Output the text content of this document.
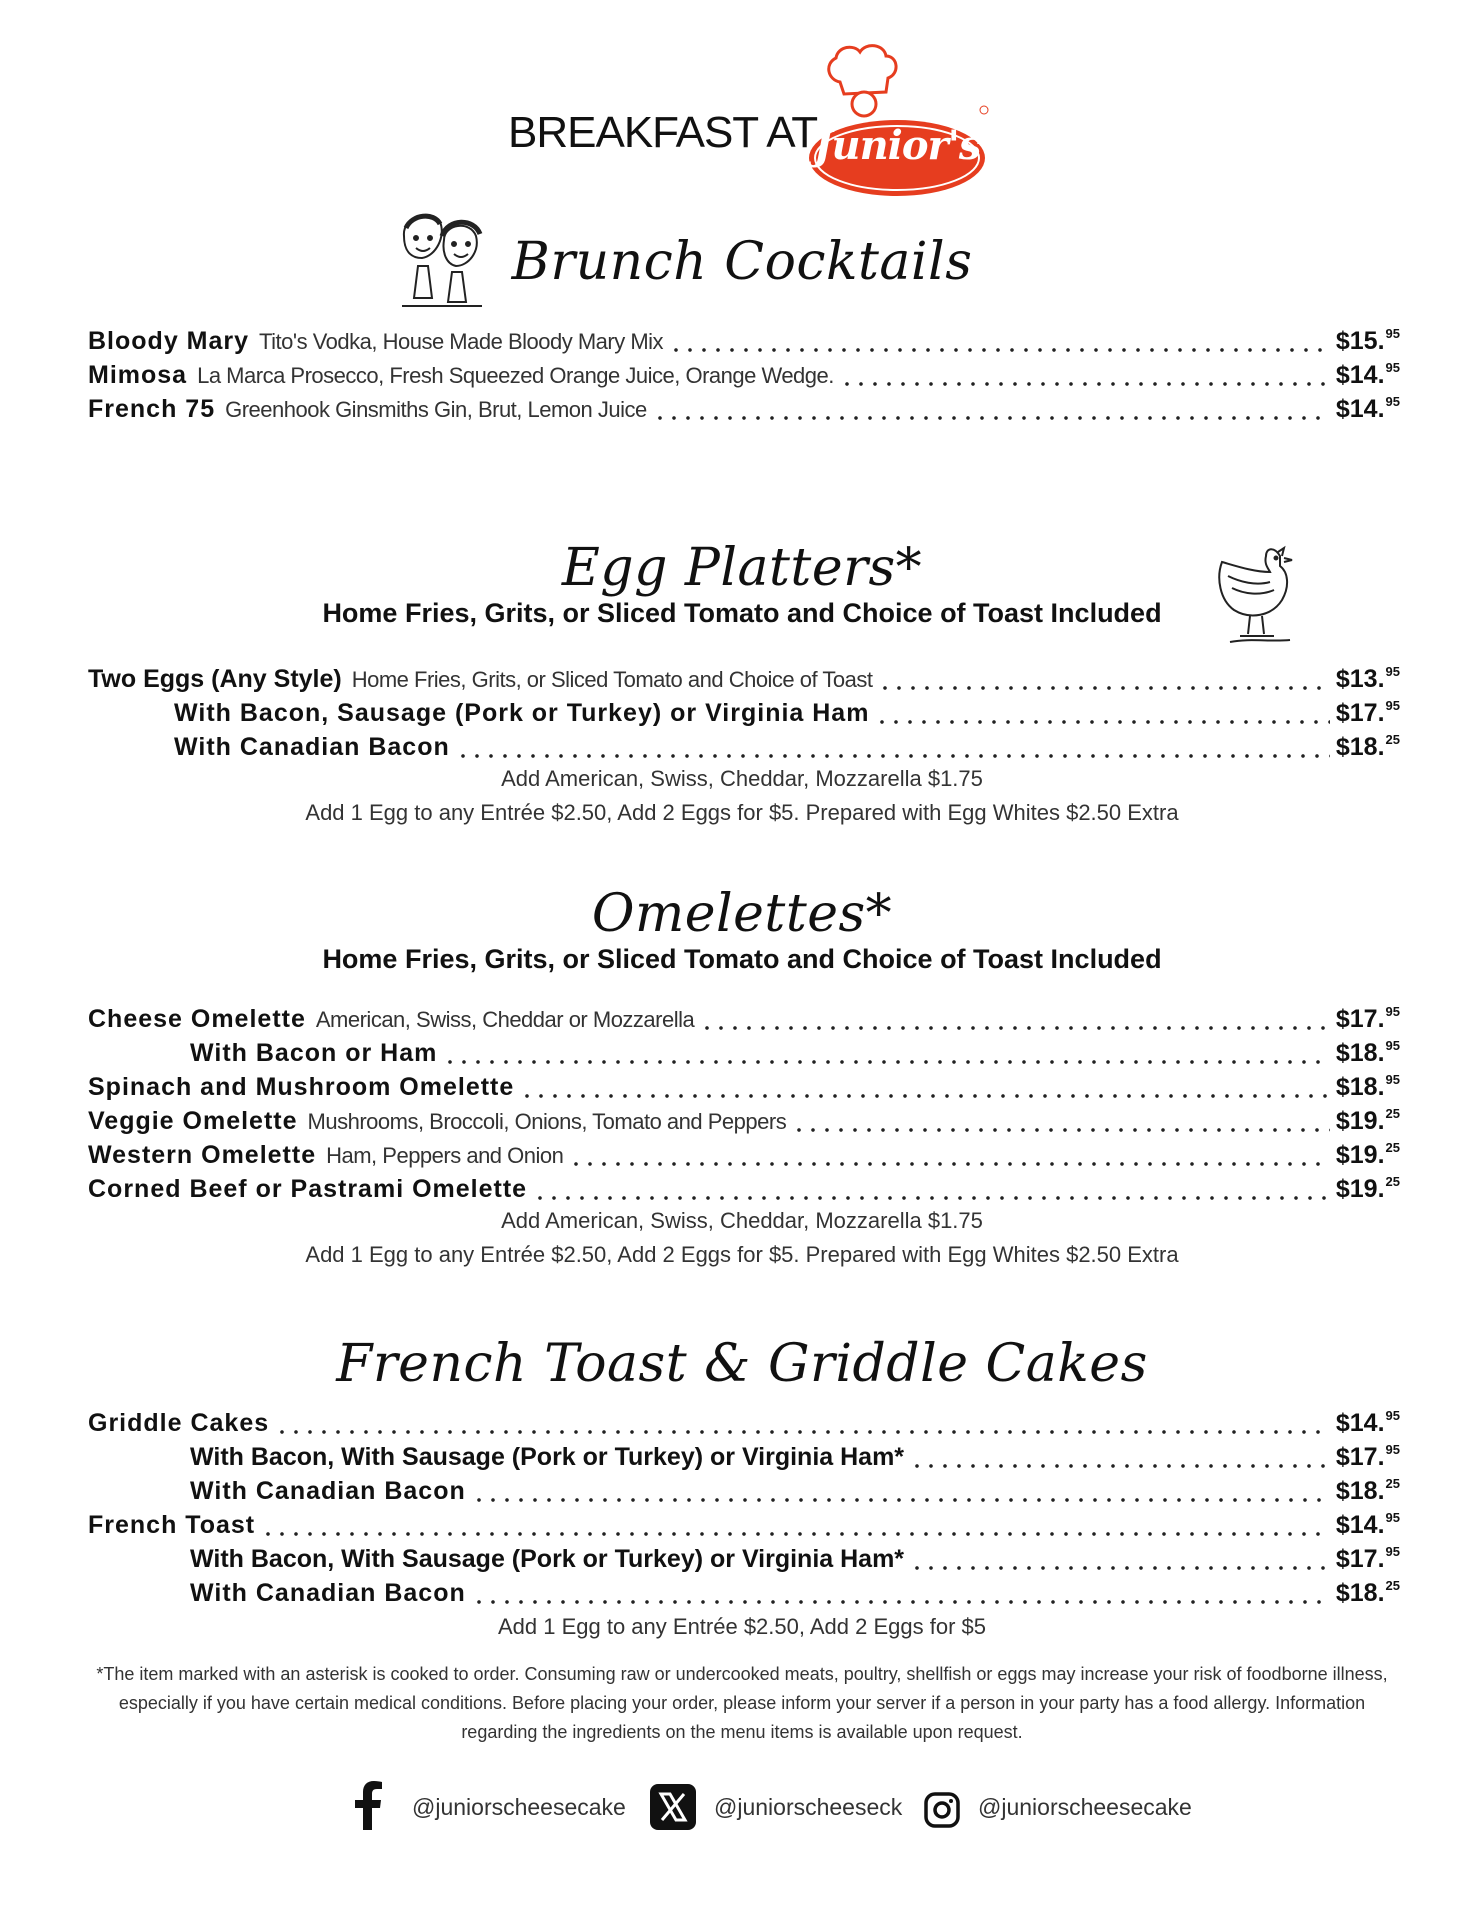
BREAKFAST AT
Junior's
Brunch Cocktails
Bloody Mary Tito's Vodka, House Made Bloody Mary Mix	$15.95
Mimosa La Marca Prosecco, Fresh Squeezed Orange Juice, Orange Wedge.	$14.95
French 75 Greenhook Ginsmiths Gin, Brut, Lemon Juice	$14.95
Egg Platters*
Home Fries, Grits, or Sliced Tomato and Choice of Toast Included
Two Eggs (Any Style) Home Fries, Grits, or Sliced Tomato and Choice of Toast	$13.95
With Bacon, Sausage (Pork or Turkey) or Virginia Ham	$17.95
With Canadian Bacon	$18.25
Add American, Swiss, Cheddar, Mozzarella $1.75
Add 1 Egg to any Entrée $2.50, Add 2 Eggs for $5. Prepared with Egg Whites $2.50 Extra
Omelettes*
Home Fries, Grits, or Sliced Tomato and Choice of Toast Included
Cheese Omelette American, Swiss, Cheddar or Mozzarella	$17.95
With Bacon or Ham	$18.95
Spinach and Mushroom Omelette	$18.95
Veggie Omelette Mushrooms, Broccoli, Onions, Tomato and Peppers	$19.25
Western Omelette Ham, Peppers and Onion	$19.25
Corned Beef or Pastrami Omelette	$19.25
Add American, Swiss, Cheddar, Mozzarella $1.75
Add 1 Egg to any Entrée $2.50, Add 2 Eggs for $5. Prepared with Egg Whites $2.50 Extra
French Toast & Griddle Cakes
Griddle Cakes	$14.95
With Bacon, With Sausage (Pork or Turkey) or Virginia Ham*	$17.95
With Canadian Bacon	$18.25
French Toast	$14.95
With Bacon, With Sausage (Pork or Turkey) or Virginia Ham*	$17.95
With Canadian Bacon	$18.25
Add 1 Egg to any Entrée $2.50, Add 2 Eggs for $5
*The item marked with an asterisk is cooked to order. Consuming raw or undercooked meats, poultry, shellfish or eggs may increase your risk of foodborne illness, especially if you have certain medical conditions. Before placing your order, please inform your server if a person in your party has a food allergy. Information regarding the ingredients on the menu items is available upon request.
@juniorscheesecake	@juniorscheeseck	@juniorscheesecake
